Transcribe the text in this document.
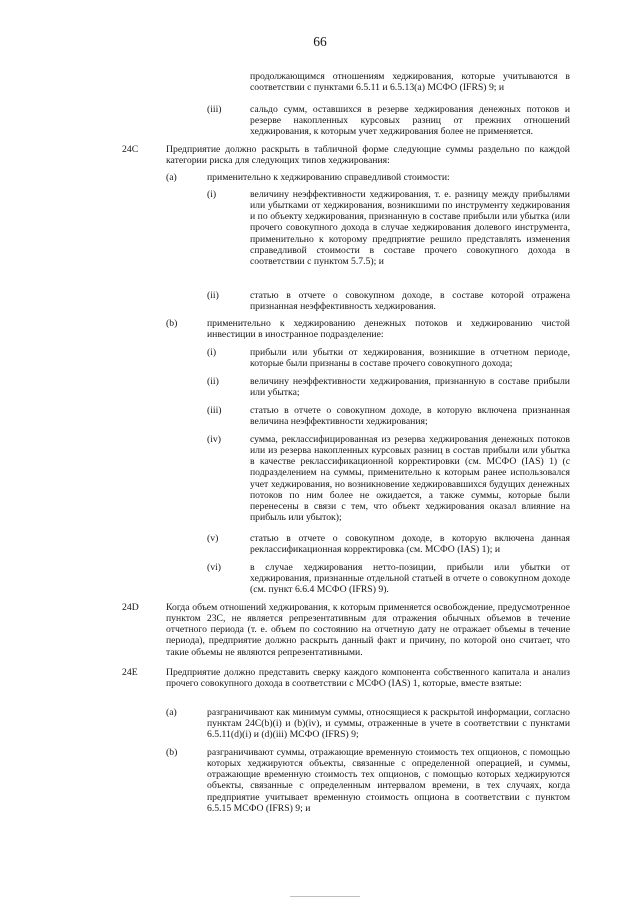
66
продолжающимся отношениям хеджирования, которые учитываются в соответствии с пунктами 6.5.11 и 6.5.13(а) МСФО (IFRS) 9; и
(iii)	сальдо сумм, оставшихся в резерве хеджирования денежных потоков и резерве накопленных курсовых разниц от прежних отношений хеджирования, к которым учет хеджирования более не применяется.
24C	Предприятие должно раскрыть в табличной форме следующие суммы раздельно по каждой категории риска для следующих типов хеджирования:
(а)	применительно к хеджированию справедливой стоимости:
(i)	величину неэффективности хеджирования, т. е. разницу между прибылями или убытками от хеджирования, возникшими по инструменту хеджирования и по объекту хеджирования, признанную в составе прибыли или убытка (или прочего совокупного дохода в случае хеджирования долевого инструмента, применительно к которому предприятие решило представлять изменения справедливой стоимости в составе прочего совокупного дохода в соответствии с пунктом 5.7.5); и
(ii)	статью в отчете о совокупном доходе, в составе которой отражена признанная неэффективность хеджирования.
(b)	применительно к хеджированию денежных потоков и хеджированию чистой инвестиции в иностранное подразделение:
(i)	прибыли или убытки от хеджирования, возникшие в отчетном периоде, которые были признаны в составе прочего совокупного дохода;
(ii)	величину неэффективности хеджирования, признанную в составе прибыли или убытка;
(iii)	статью в отчете о совокупном доходе, в которую включена признанная величина неэффективности хеджирования;
(iv)	сумма, реклассифицированная из резерва хеджирования денежных потоков или из резерва накопленных курсовых разниц в состав прибыли или убытка в качестве реклассификационной корректировки (см. МСФО (IAS) 1) (с подразделением на суммы, применительно к которым ранее использовался учет хеджирования, но возникновение хеджировавшихся будущих денежных потоков по ним более не ожидается, а также суммы, которые были перенесены в связи с тем, что объект хеджирования оказал влияние на прибыль или убыток);
(v)	статью в отчете о совокупном доходе, в которую включена данная реклассификационная корректировка (см. МСФО (IAS) 1); и
(vi)	в случае хеджирования нетто-позиции, прибыли или убытки от хеджирования, признанные отдельной статьей в отчете о совокупном доходе (см. пункт 6.6.4 МСФО (IFRS) 9).
24D	Когда объем отношений хеджирования, к которым применяется освобождение, предусмотренное пунктом 23C, не является репрезентативным для отражения обычных объемов в течение отчетного периода (т. е. объем по состоянию на отчетную дату не отражает объемы в течение периода), предприятие должно раскрыть данный факт и причину, по которой оно считает, что такие объемы не являются репрезентативными.
24E	Предприятие должно представить сверку каждого компонента собственного капитала и анализ прочего совокупного дохода в соответствии с МСФО (IAS) 1, которые, вместе взятые:
(а)	разграничивают как минимум суммы, относящиеся к раскрытой информации, согласно пунктам 24C(b)(i) и (b)(iv), и суммы, отраженные в учете в соответствии с пунктами 6.5.11(d)(i) и (d)(iii) МСФО (IFRS) 9;
(b)	разграничивают суммы, отражающие временную стоимость тех опционов, с помощью которых хеджируются объекты, связанные с определенной операцией, и суммы, отражающие временную стоимость тех опционов, с помощью которых хеджируются объекты, связанные с определенным интервалом времени, в тех случаях, когда предприятие учитывает временную стоимость опциона в соответствии с пунктом 6.5.15 МСФО (IFRS) 9; и
